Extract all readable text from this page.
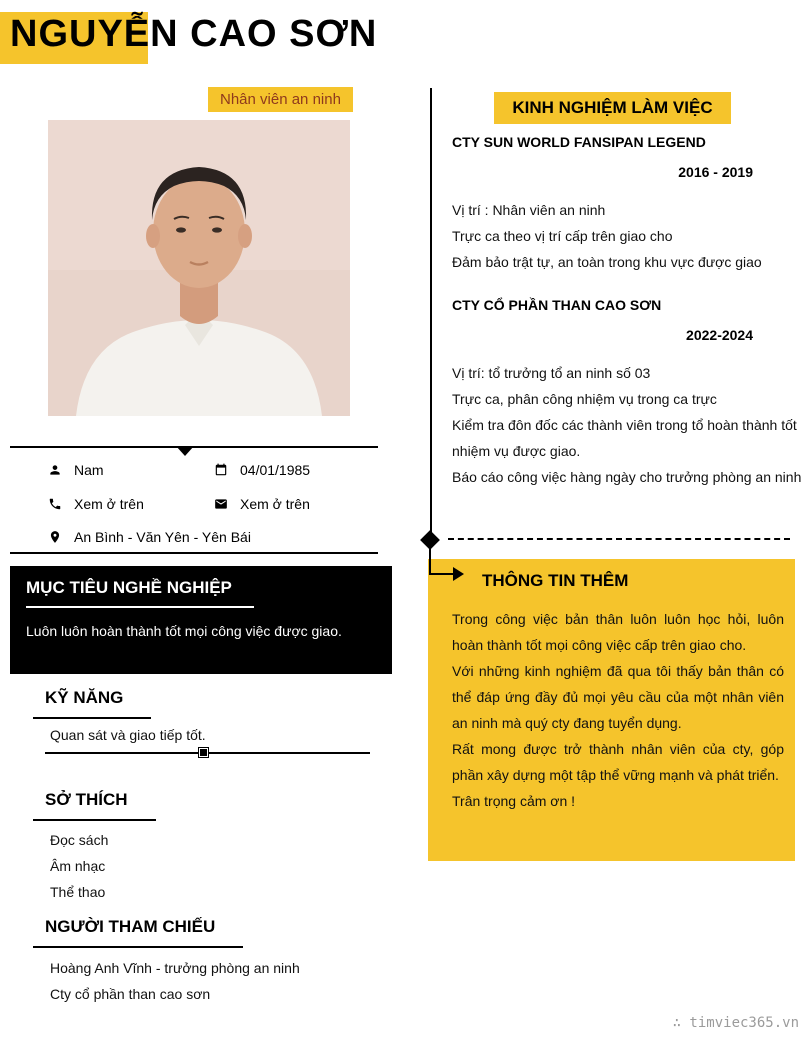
NGUYỄN CAO SƠN
Nhân viên an ninh
Nam	04/01/1985
Xem ở trên	Xem ở trên
An Bình - Văn Yên - Yên Bái
MỤC TIÊU NGHỀ NGHIỆP

Luôn luôn hoàn thành tốt mọi công việc được giao.

KỸ NĂNG
Quan sát và giao tiếp tốt.
SỞ THÍCH
Đọc sách
Âm nhạc
Thể thao
NGƯỜI THAM CHIẾU
Hoàng Anh Vĩnh - trưởng phòng an ninh
Cty cổ phần than cao sơn
KINH NGHIỆM LÀM VIỆC
CTY SUN WORLD FANSIPAN LEGEND
2016 - 2019
Vị trí : Nhân viên an ninh
Trực ca theo vị trí cấp trên giao cho
Đảm bảo trật tự, an toàn trong khu vực được giao
CTY CỔ PHẦN THAN CAO SƠN
2022-2024
Vị trí: tổ trưởng tổ an ninh số 03
Trực ca, phân công nhiệm vụ trong ca trực
Kiểm tra đôn đốc các thành viên trong tổ hoàn thành tốt nhiệm vụ được giao.
Báo cáo công việc hàng ngày cho trưởng phòng an ninh
THÔNG TIN THÊM

Trong công việc bản thân luôn luôn học hỏi, luôn hoàn thành tốt mọi công việc cấp trên giao cho.

Với những kinh nghiệm đã qua tôi thấy bản thân có thể đáp ứng đầy đủ mọi yêu cầu của một nhân viên an ninh mà quý cty đang tuyển dụng.

Rất mong được trở thành nhân viên của cty, góp phần xây dựng một tập thể vững mạnh và phát triển.

Trân trọng cảm ơn !

∴ timviec365.vn
